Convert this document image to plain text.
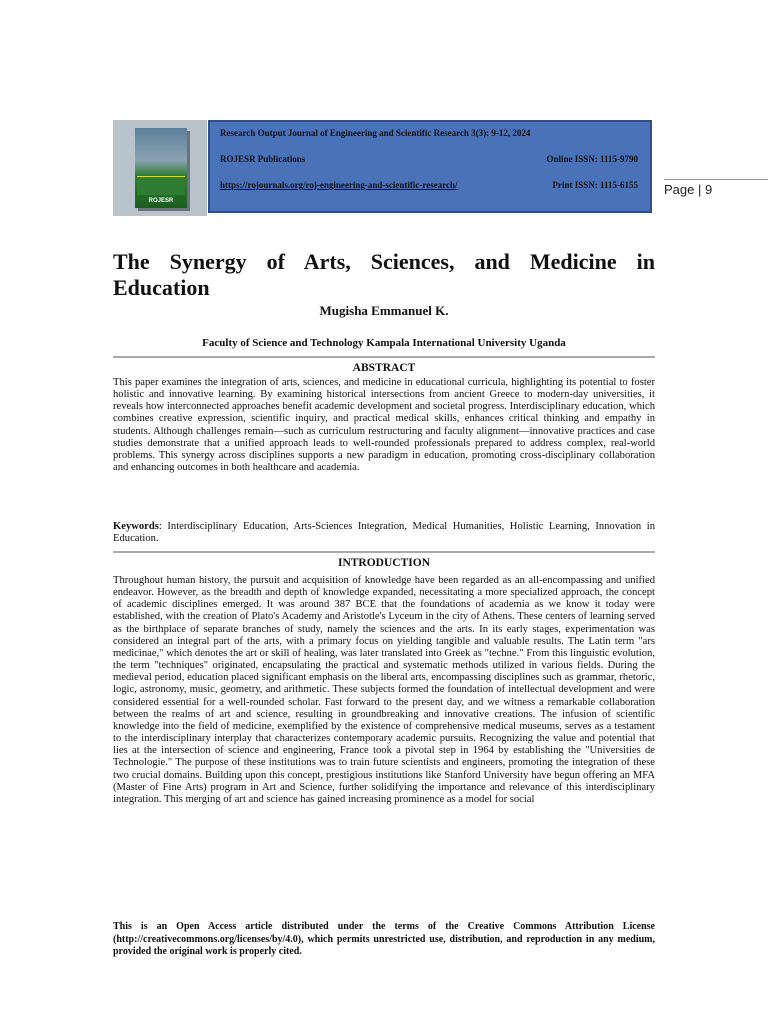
ROJESR
Research Output Journal of Engineering and Scientific Research 3(3): 9-12, 2024
ROJESR Publications	Online ISSN: 1115-9790
https://rojournals.org/roj-engineering-and-scientific-research/	Print ISSN: 1115-6155 Page | 9
The Synergy of Arts, Sciences, and Medicine in
Education
Mugisha Emmanuel K.
Faculty of Science and Technology Kampala International University Uganda
ABSTRACT
This paper examines the integration of arts, sciences, and medicine in educational curricula, highlighting its potential to foster holistic and innovative learning. By examining historical intersections from ancient Greece to modern-day universities, it reveals how interconnected approaches benefit academic development and societal progress. Interdisciplinary education, which combines creative expression, scientific inquiry, and practical medical skills, enhances critical thinking and empathy in students. Although challenges remain—such as curriculum restructuring and faculty alignment—innovative practices and case studies demonstrate that a unified approach leads to well-rounded professionals prepared to address complex, real-world problems. This synergy across disciplines supports a new paradigm in education, promoting cross-disciplinary collaboration and enhancing outcomes in both healthcare and academia.
Keywords: Interdisciplinary Education, Arts-Sciences Integration, Medical Humanities, Holistic Learning, Innovation in Education.
INTRODUCTION
Throughout human history, the pursuit and acquisition of knowledge have been regarded as an all-encompassing and unified endeavor. However, as the breadth and depth of knowledge expanded, necessitating a more specialized approach, the concept of academic disciplines emerged. It was around 387 BCE that the foundations of academia as we know it today were established, with the creation of Plato's Academy and Aristotle's Lyceum in the city of Athens. These centers of learning served as the birthplace of separate branches of study, namely the sciences and the arts. In its early stages, experimentation was considered an integral part of the arts, with a primary focus on yielding tangible and valuable results. The Latin term "ars medicinae," which denotes the art or skill of healing, was later translated into Greek as "techne." From this linguistic evolution, the term "techniques" originated, encapsulating the practical and systematic methods utilized in various fields. During the medieval period, education placed significant emphasis on the liberal arts, encompassing disciplines such as grammar, rhetoric, logic, astronomy, music, geometry, and arithmetic. These subjects formed the foundation of intellectual development and were considered essential for a well-rounded scholar. Fast forward to the present day, and we witness a remarkable collaboration between the realms of art and science, resulting in groundbreaking and innovative creations. The infusion of scientific knowledge into the field of medicine, exemplified by the existence of comprehensive medical museums, serves as a testament to the interdisciplinary interplay that characterizes contemporary academic pursuits. Recognizing the value and potential that lies at the intersection of science and engineering, France took a pivotal step in 1964 by establishing the "Universities de Technologie." The purpose of these institutions was to train future scientists and engineers, promoting the integration of these two crucial domains. Building upon this concept, prestigious institutions like Stanford University have begun offering an MFA (Master of Fine Arts) program in Art and Science, further solidifying the importance and relevance of this interdisciplinary integration. This merging of art and science has gained increasing prominence as a model for social
This is an Open Access article distributed under the terms of the Creative Commons Attribution License (http://creativecommons.org/licenses/by/4.0), which permits unrestricted use, distribution, and reproduction in any medium, provided the original work is properly cited.
